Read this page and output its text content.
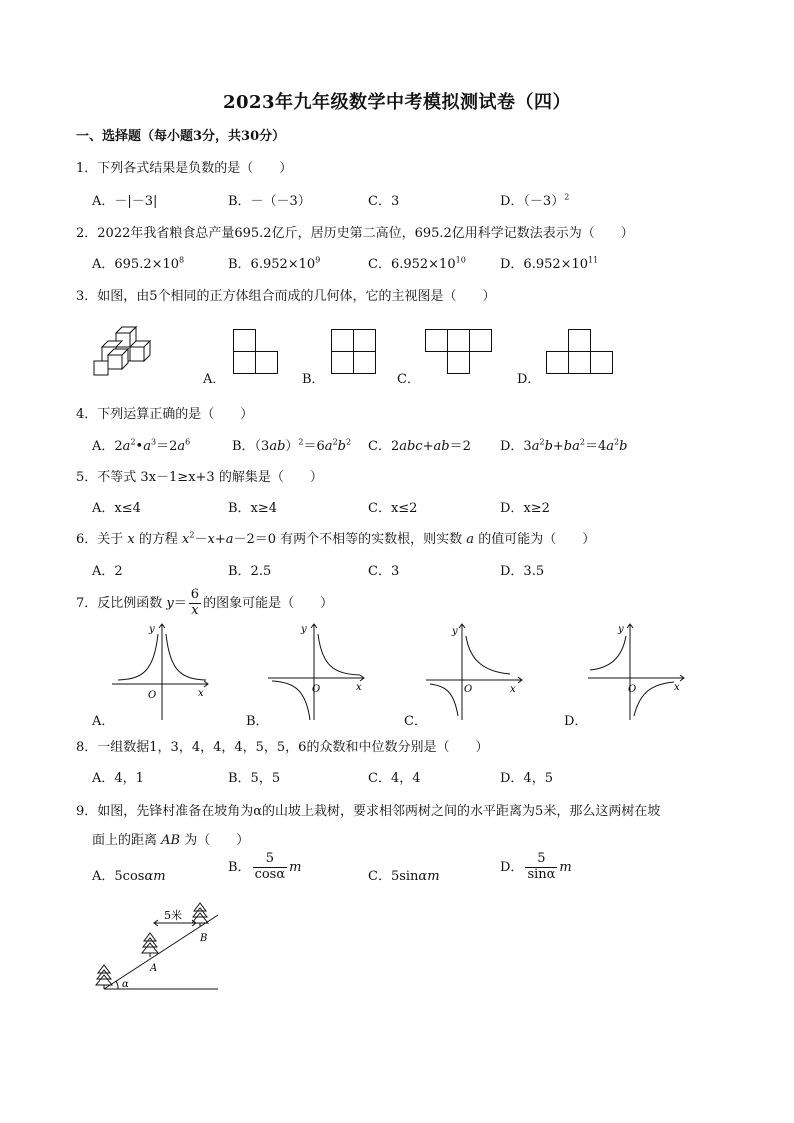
2023年九年级数学中考模拟测试卷（四）
一、选择题（每小题3分，共30分）
1．下列各式结果是负数的是（　　）
A．－|－3|	B．－（－3）	C．3	D．$(-3)^2$
2．2022年我省粮食总产量695.2亿斤，居历史第二高位，695.2亿用科学记数法表示为（　　）
A．$695.2\times 10^8$	B．$6.952\times 10^9$	C．$6.952\times 10^{10}$	D．$6.952\times 10^{11}$
3．如图，由5个相同的正方体组合而成的几何体，它的主视图是（　　）
A．	B．	C．	D．
4．下列运算正确的是（　　）
A．$2a^2•a^3=2a^6$	B．$(3ab)^2=6a^2b^2$ C．2abc+ab＝2 D．$3a^2b+ba^2=4a^2b$
5．不等式 3x－1≥x+3 的解集是（　　）
A．x≤4	B．x≥4	C．x≤2	D．x≥2
6．关于 x 的方程 $x^2-x+a-2=0$ 有两个不相等的实数根，则实数 a 的值可能为（　　）
A．2	B．2.5	C．3	D．3.5
7．反比例函数 $y= \frac{6}{x}$ 的图象可能是（　　）
y
O	x
A．
y
O	x
B．
y
O	x
C．
y
O	x
D．
8．一组数据1，3，4，4，4，5，5，6的众数和中位数分别是（　　）
A．4，1	B．5，5	C．4，4	D．4，5
9．如图，先锋村准备在坡角为α的山坡上栽树，要求相邻两树之间的水平距离为5米，那么这两树在坡
面上的距离 AB 为（　　）
A．5cosαm
B． $\frac{5}{\cos\alpha}$ m
C．5sinαm
D． $\frac{5}{\sin\alpha}$ m
5米
A
B
α
